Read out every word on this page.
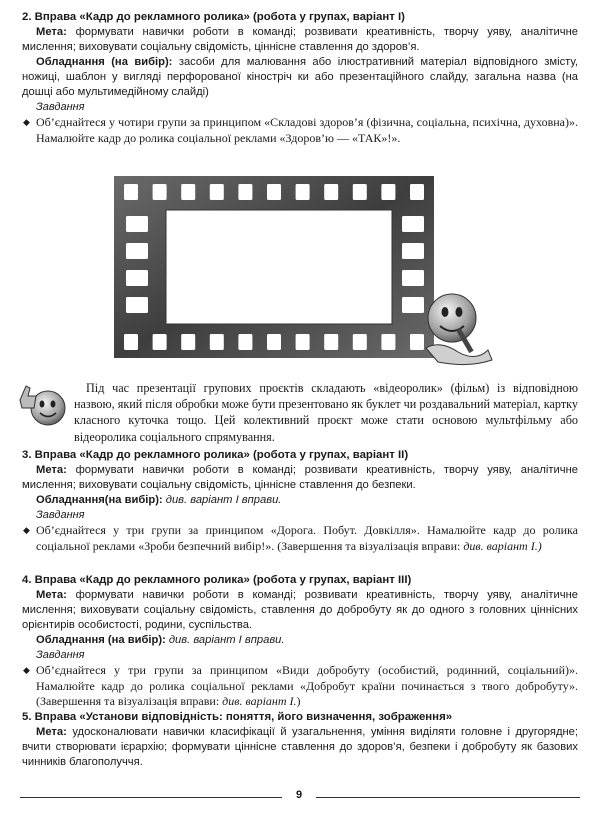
2. Вправа «Кадр до рекламного ролика» (робота у групах, варіант І)
Мета: формувати навички роботи в команді; розвивати креативність, творчу уяву, аналітичне мислення; виховувати соціальну свідомість, ціннісне ставлення до здоров’я.
Обладнання (на вибір): засоби для малювання або ілюстративний матеріал відповідного змісту, ножиці, шаблон у вигляді перфорованої кіностріч ки або презентаційного слайду, загальна назва (на дошці або мультимедійному слайді)
Завдання
◆ Об’єднайтеся у чотири групи за принципом «Складові здоров’я (фізична, соціальна, психічна, духовна)». Намалюйте кадр до ролика соціальної реклами «Здоров’ю — «ТАК»!».
Під час презентації групових проєктів складають «відеоролик» (фільм) із відповідною назвою, який після обробки може бути презентовано як буклет чи роздавальний матеріал, картку класного куточка тощо. Цей колективний проєкт може стати основою мультфільму або відеоролика соціального спрямування.
3. Вправа «Кадр до рекламного ролика» (робота у групах, варіант ІІ)
Мета: формувати навички роботи в команді; розвивати креативність, творчу уяву, аналітичне мислення; виховувати соціальну свідомість, ціннісне ставлення до безпеки.
Обладнання(на вибір): див. варіант І вправи.
Завдання
◆ Об’єднайтеся у три групи за принципом «Дорога. Побут. Довкілля». Намалюйте кадр до ролика соціальної реклами «Зроби безпечний вибір!». (Завершення та візуалізація вправи: див. варіант І.)
4. Вправа «Кадр до рекламного ролика» (робота у групах, варіант ІІІ)
Мета: формувати навички роботи в команді; розвивати креативність, творчу уяву, аналітичне мислення; виховувати соціальну свідомість, ставлення до добробуту як до одного з головних ціннісних орієнтирів особистості, родини, суспільства.
Обладнання (на вибір): див. варіант І вправи.
Завдання
◆ Об’єднайтеся у три групи за принципом «Види добробуту (особистий, родинний, соціальний)». Намалюйте кадр до ролика соціальної реклами «Добробут країни починається з твого добробуту». (Завершення та візуалізація вправи: див. варіант І.)
5. Вправа «Установи відповідність: поняття, його визначення, зображення»
Мета: удосконалювати навички класифікації й узагальнення, уміння виділяти головне і другорядне; вчити створювати ієрархію; формувати ціннісне ставлення до здоров’я, безпеки і добробуту як базових чинників благополуччя.
9
